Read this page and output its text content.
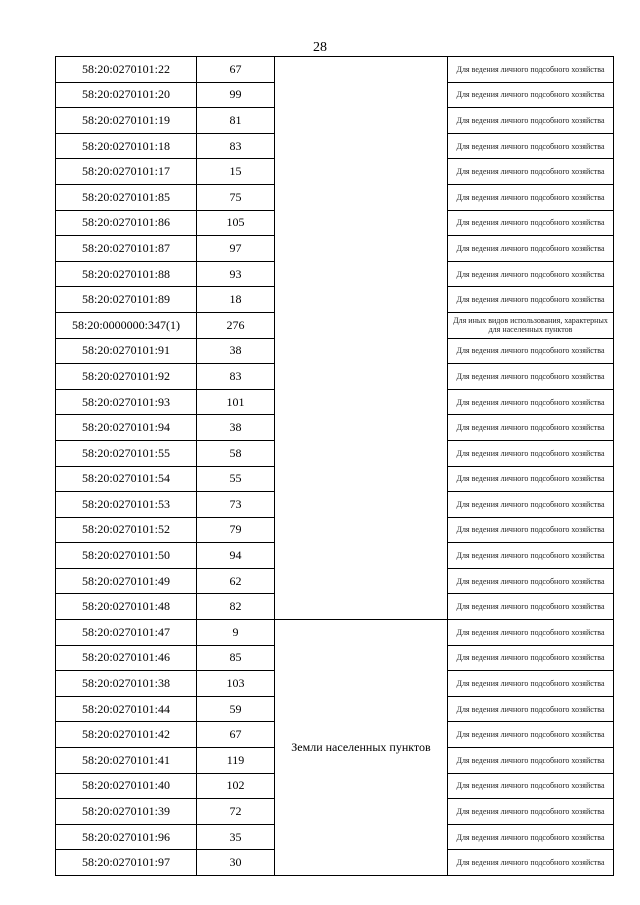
28
58:20:0270101:22	67		Для ведения личного подсобного хозяйства
58:20:0270101:20	99		Для ведения личного подсобного хозяйства
58:20:0270101:19	81		Для ведения личного подсобного хозяйства
58:20:0270101:18	83		Для ведения личного подсобного хозяйства
58:20:0270101:17	15		Для ведения личного подсобного хозяйства
58:20:0270101:85	75		Для ведения личного подсобного хозяйства
58:20:0270101:86	105		Для ведения личного подсобного хозяйства
58:20:0270101:87	97		Для ведения личного подсобного хозяйства
58:20:0270101:88	93		Для ведения личного подсобного хозяйства
58:20:0270101:89	18		Для ведения личного подсобного хозяйства
58:20:0000000:347(1)	276		Для иных видов использования, характерных для населенных пунктов
58:20:0270101:91	38		Для ведения личного подсобного хозяйства
58:20:0270101:92	83		Для ведения личного подсобного хозяйства
58:20:0270101:93	101		Для ведения личного подсобного хозяйства
58:20:0270101:94	38		Для ведения личного подсобного хозяйства
58:20:0270101:55	58		Для ведения личного подсобного хозяйства
58:20:0270101:54	55		Для ведения личного подсобного хозяйства
58:20:0270101:53	73		Для ведения личного подсобного хозяйства
58:20:0270101:52	79		Для ведения личного подсобного хозяйства
58:20:0270101:50	94		Для ведения личного подсобного хозяйства
58:20:0270101:49	62		Для ведения личного подсобного хозяйства
58:20:0270101:48	82		Для ведения личного подсобного хозяйства
58:20:0270101:47	9	Земли населенных пунктов	Для ведения личного подсобного хозяйства
58:20:0270101:46	85		Для ведения личного подсобного хозяйства
58:20:0270101:38	103		Для ведения личного подсобного хозяйства
58:20:0270101:44	59		Для ведения личного подсобного хозяйства
58:20:0270101:42	67		Для ведения личного подсобного хозяйства
58:20:0270101:41	119		Для ведения личного подсобного хозяйства
58:20:0270101:40	102		Для ведения личного подсобного хозяйства
58:20:0270101:39	72		Для ведения личного подсобного хозяйства
58:20:0270101:96	35		Для ведения личного подсобного хозяйства
58:20:0270101:97	30		Для ведения личного подсобного хозяйства
